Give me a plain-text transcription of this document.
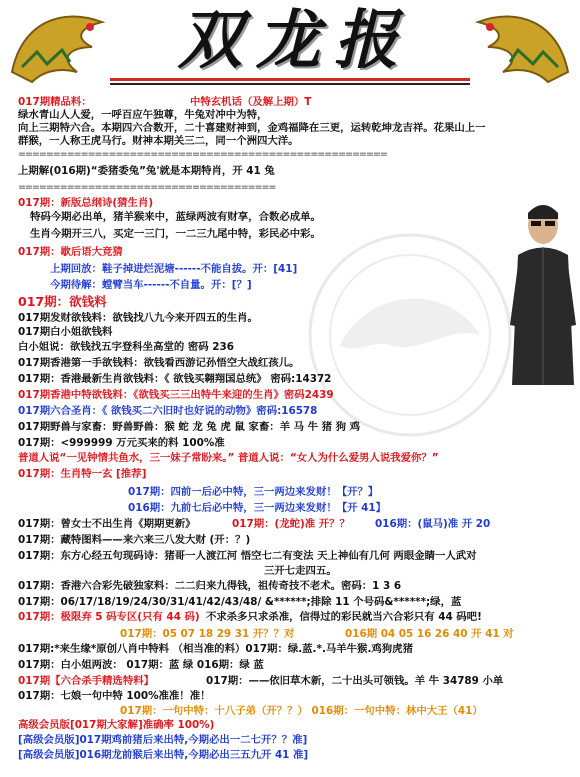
双龙报
017期精品料：	中特玄机话（及解上期）T
绿水青山人人爱，一呼百应午独尊，牛兔对冲中为特，
向上三期特六合。本期四六合数开，二十喜建财神到，金鸡福降在三更，运转乾坤龙吉祥。花果山上一
群猴，一人称王虎马行。财神本期关三二，同一个洲四大洋。
=====================================================
上期解(016期)“委猪委兔”兔'就是本期特肖，开 41 兔
=====================================
017期：新版总纲诗(猜生肖)
特码今期必出单，猪羊猴来中，蓝绿两波有财享，合数必成单。
生肖今期开三八，买定一三门，一二三九尾中特，彩民必中彩。
017期：歇后语大竞猜
上期回放：鞋子掉进烂泥塘------不能自拔。开：[41]
今期待解：螳臂当车------不自量。开：[？]
017期：欲钱料
017期发财欲钱料：欲钱找八九今来开四五的生肖。
017期白小姐欲钱料
白小姐说：欲钱找五字登科坐高堂的 密码 236
017期香港第一手欲钱料：欲钱看西游记孙悟空大战红孩儿。
017期：香港最新生肖欲钱料：《 欲钱买翱翔国总统》 密码:14372
017期香港中特欲钱料：《欲钱买三三出特牛来迎的生肖》密码2439
017期六合圣肖：《 欲钱买二六旧时也好说的动物》密码:16578
017期野兽与家畜：野兽野兽：猴 蛇 龙 兔 虎 鼠 家畜：羊 马 牛 猪 狗 鸡
017期：<999999 万元买来的料 100%准
普道人说“一见钟情共鱼水，三一妹子常盼来。” 普道人说：“女人为什么爱男人说我爱你？”
017期：生肖特一玄 [推荐]
017期：四前一后必中特，三一两边来发财！【开？】
016期：九前七后必中特，三一两边来发财！【开 41】
017期：曾女士不出生肖《期期更新》	017期：(龙蛇)准 开？？ 016期：(鼠马)准 开 20
017期：藏特图料——来六来三八发大财 (开：？)
017期：东方心经五句现码诗：猪哥一人渡江河 悟空七二有变法 天上神仙有几何 两眼金睛一人武对
三开七走四五。
017期：香港六合彩先破独家料：二二归来九得钱，祖传奇技不老术。密码：1 3 6
017期：06/17/18/19/24/30/31/41/42/43/48/ &******;排除 11 个号码&******;绿，蓝
017期：极限弃 5 码专区(只有 44 码) 不求杀多只求杀准，信得过的彩民就当六合彩只有 44 码吧!
017期：05 07 18 29 31 开？？对	016期 04 05 16 26 40 开 41 对
017期:*来生缘*原创八肖中特料 （相当准的料）017期：绿.蓝.*.马羊牛猴.鸡狗虎猪
017期：白小姐两波： 017期：蓝 绿 016期：绿 蓝
017期【六合杀手精选特料】	017期：——依旧草木新，二十出头可领钱。羊 牛 34789 小单
017期：七娘一句中特 100%准准！准！
017期：一句中特：十八子弟（开？？） 016期：一句中特：林中大王（41）
高级会员版[017期大家解]准确率 100%)
[高级会员版]017期鸡前猪后来出特,今期必出一二七开？？准]
[高级会员版]016期龙前猴后来出特,今期必出三五九开 41 准]
